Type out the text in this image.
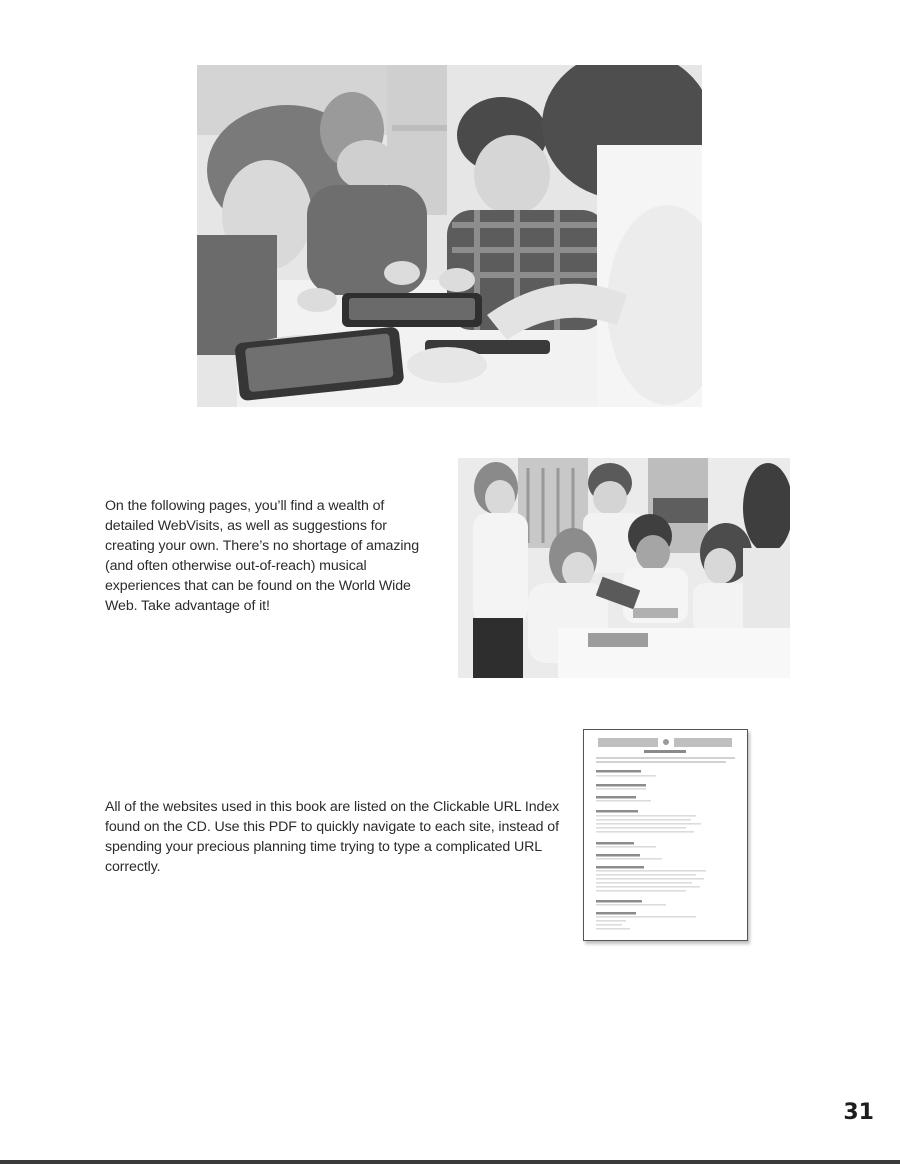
On the following pages, you’ll find a wealth of detailed WebVisits, as well as suggestions for creating your own. There’s no shortage of amazing (and often otherwise out-of-reach) musical experiences that can be found on the World Wide Web. Take advantage of it!
All of the websites used in this book are listed on the Clickable URL Index found on the CD. Use this PDF to quickly navigate to each site, instead of spending your precious planning time trying to type a complicated URL correctly.
31
